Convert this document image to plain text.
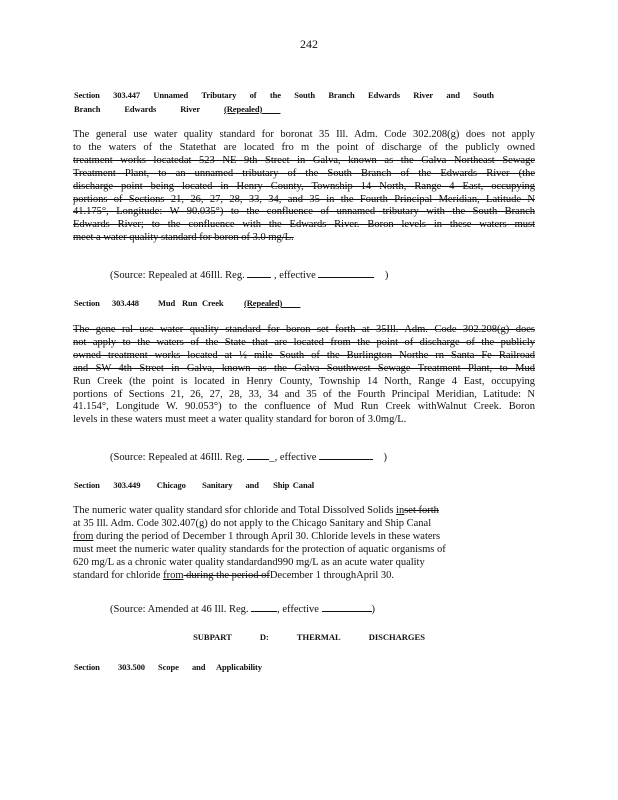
242
Section 303.447 Unnamed Tributary of the South Branch Edwards River and South
Branch	Edwards	River	(Repealed)
The general use water quality standard for boronat 35 Ill. Adm. Code 302.208(g) does not apply
to the waters of the Statethat are located fro m the point of discharge of the publicly owned
treatment works locatedat 523 NE 9th Street in Galva, known as the Galva Northeast Sewage
Treatment Plant, to an unnamed tributary of the South Branch of the Edwards River (the
discharge point being located in Henry County, Township 14 North, Range 4 East, occupying
portions of Sections 21, 26, 27, 28, 33, 34, and 35 in the Fourth Principal Meridian, Latitude N
41.175°, Longitude: W 90.035°) to the confluence of unnamed tributary with the South Branch
Edwards River; to the confluence with the Edwards River. Boron levels in these waters must
meet a water quality standard for boron of 3.0 mg/L.
(Source: Repealed at 46Ill. Reg.	, effective	)
Section	303.448	Mud Run Creek	(Repealed)
The gene ral use water quality standard for boron set forth at 35Ill. Adm. Code 302.208(g) does
not apply to the waters of the State that are located from the point of discharge of the publicly
owned treatment works located at ½ mile South of the Burlington Northe rn Santa Fe Railroad
and SW 4th Street in Galva, known as the Galva Southwest Sewage Treatment Plant, to Mud
Run Creek (the point is located in Henry County, Township 14 North, Range 4 East, occupying
portions of Sections 21, 26, 27, 28, 33, 34 and 35 of the Fourth Principal Meridian, Latitude: N
41.154°, Longitude W. 90.053°) to the confluence of Mud Run Creek withWalnut Creek. Boron
levels in these waters must meet a water quality standard for boron of 3.0mg/L.
(Source: Repealed at 46Ill. Reg. _, effective	)
Section	303.449	Chicago	Sanitary	and	Ship Canal
The numeric water quality standard sfor chloride and Total Dissolved Solids inset forth
at 35 Ill. Adm. Code 302.407(g) do not apply to the Chicago Sanitary and Ship Canal
from during the period of December 1 through April 30. Chloride levels in these waters
must meet the numeric water quality standards for the protection of aquatic organisms of
620 mg/L as a chronic water quality standardand990 mg/L as an acute water quality
standard for chloride from during the period ofDecember 1 throughApril 30.
(Source: Amended at 46 Ill. Reg.	, effective	)
SUBPART	D:	THERMAL	DISCHARGES
Section	303.500	Scope	and	Applicability
